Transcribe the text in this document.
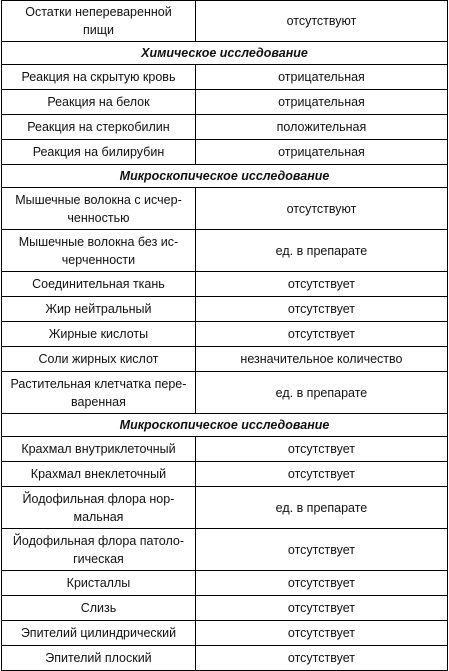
Остатки непереваренной
пищи	отсутствуют
Химическое исследование	
Реакция на скрытую кровь	отрицательная
Реакция на белок	отрицательная
Реакция на стеркобилин	положительная
Реакция на билирубин	отрицательная
Микроскопическое исследование	
Мышечные волокна с исчер-
ченностью	отсутствуют
Мышечные волокна без ис-
черченности	ед. в препарате
Соединительная ткань	отсутствует
Жир нейтральный	отсутствует
Жирные кислоты	отсутствует
Соли жирных кислот	незначительное количество
Растительная клетчатка пере-
варенная	ед. в препарате
Микроскопическое исследование	
Крахмал внутриклеточный	отсутствует
Крахмал внеклеточный	отсутствует
Йодофильная флора нор-
мальная	ед. в препарате
Йодофильная флора патоло-
гическая	отсутствует
Кристаллы	отсутствует
Слизь	отсутствует
Эпителий цилиндрический	отсутствует
Эпителий плоский	отсутствует
